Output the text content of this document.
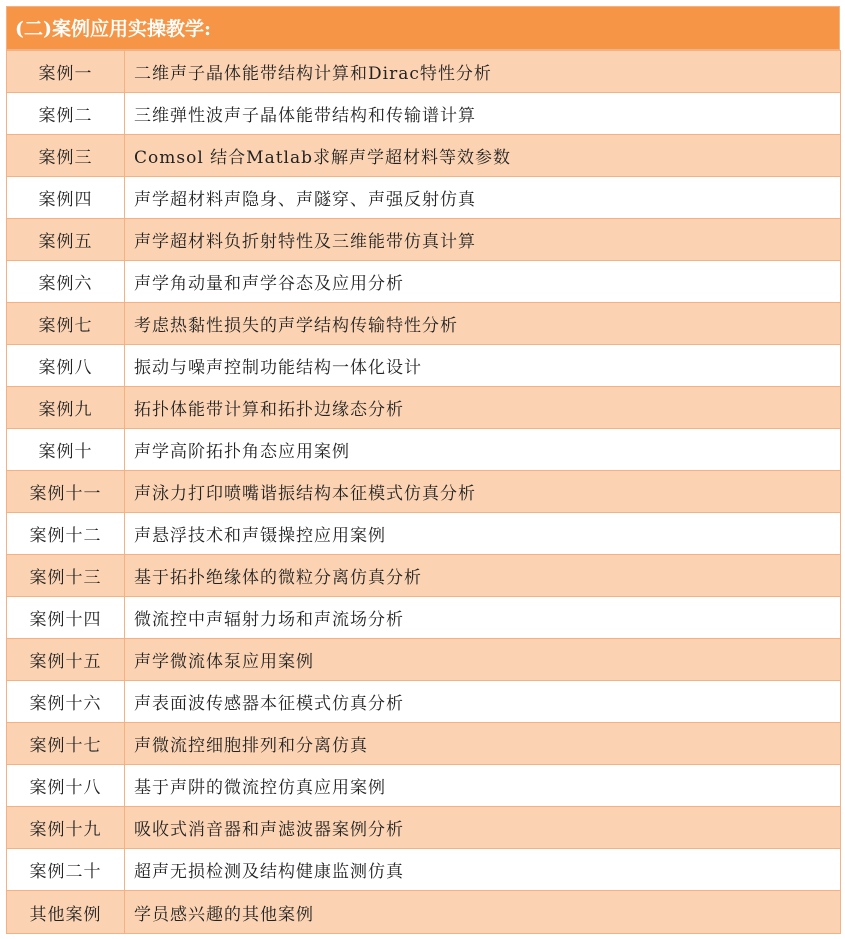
(二)案例应用实操教学:
案例一	二维声子晶体能带结构计算和Dirac特性分析
案例二	三维弹性波声子晶体能带结构和传输谱计算
案例三	Comsol 结合Matlab求解声学超材料等效参数
案例四	声学超材料声隐身、声隧穿、声强反射仿真
案例五	声学超材料负折射特性及三维能带仿真计算
案例六	声学角动量和声学谷态及应用分析
案例七	考虑热黏性损失的声学结构传输特性分析
案例八	振动与噪声控制功能结构一体化设计
案例九	拓扑体能带计算和拓扑边缘态分析
案例十	声学高阶拓扑角态应用案例
案例十一	声泳力打印喷嘴谐振结构本征模式仿真分析
案例十二	声悬浮技术和声镊操控应用案例
案例十三	基于拓扑绝缘体的微粒分离仿真分析
案例十四	微流控中声辐射力场和声流场分析
案例十五	声学微流体泵应用案例
案例十六	声表面波传感器本征模式仿真分析
案例十七	声微流控细胞排列和分离仿真
案例十八	基于声阱的微流控仿真应用案例
案例十九	吸收式消音器和声滤波器案例分析
案例二十	超声无损检测及结构健康监测仿真
其他案例	学员感兴趣的其他案例
